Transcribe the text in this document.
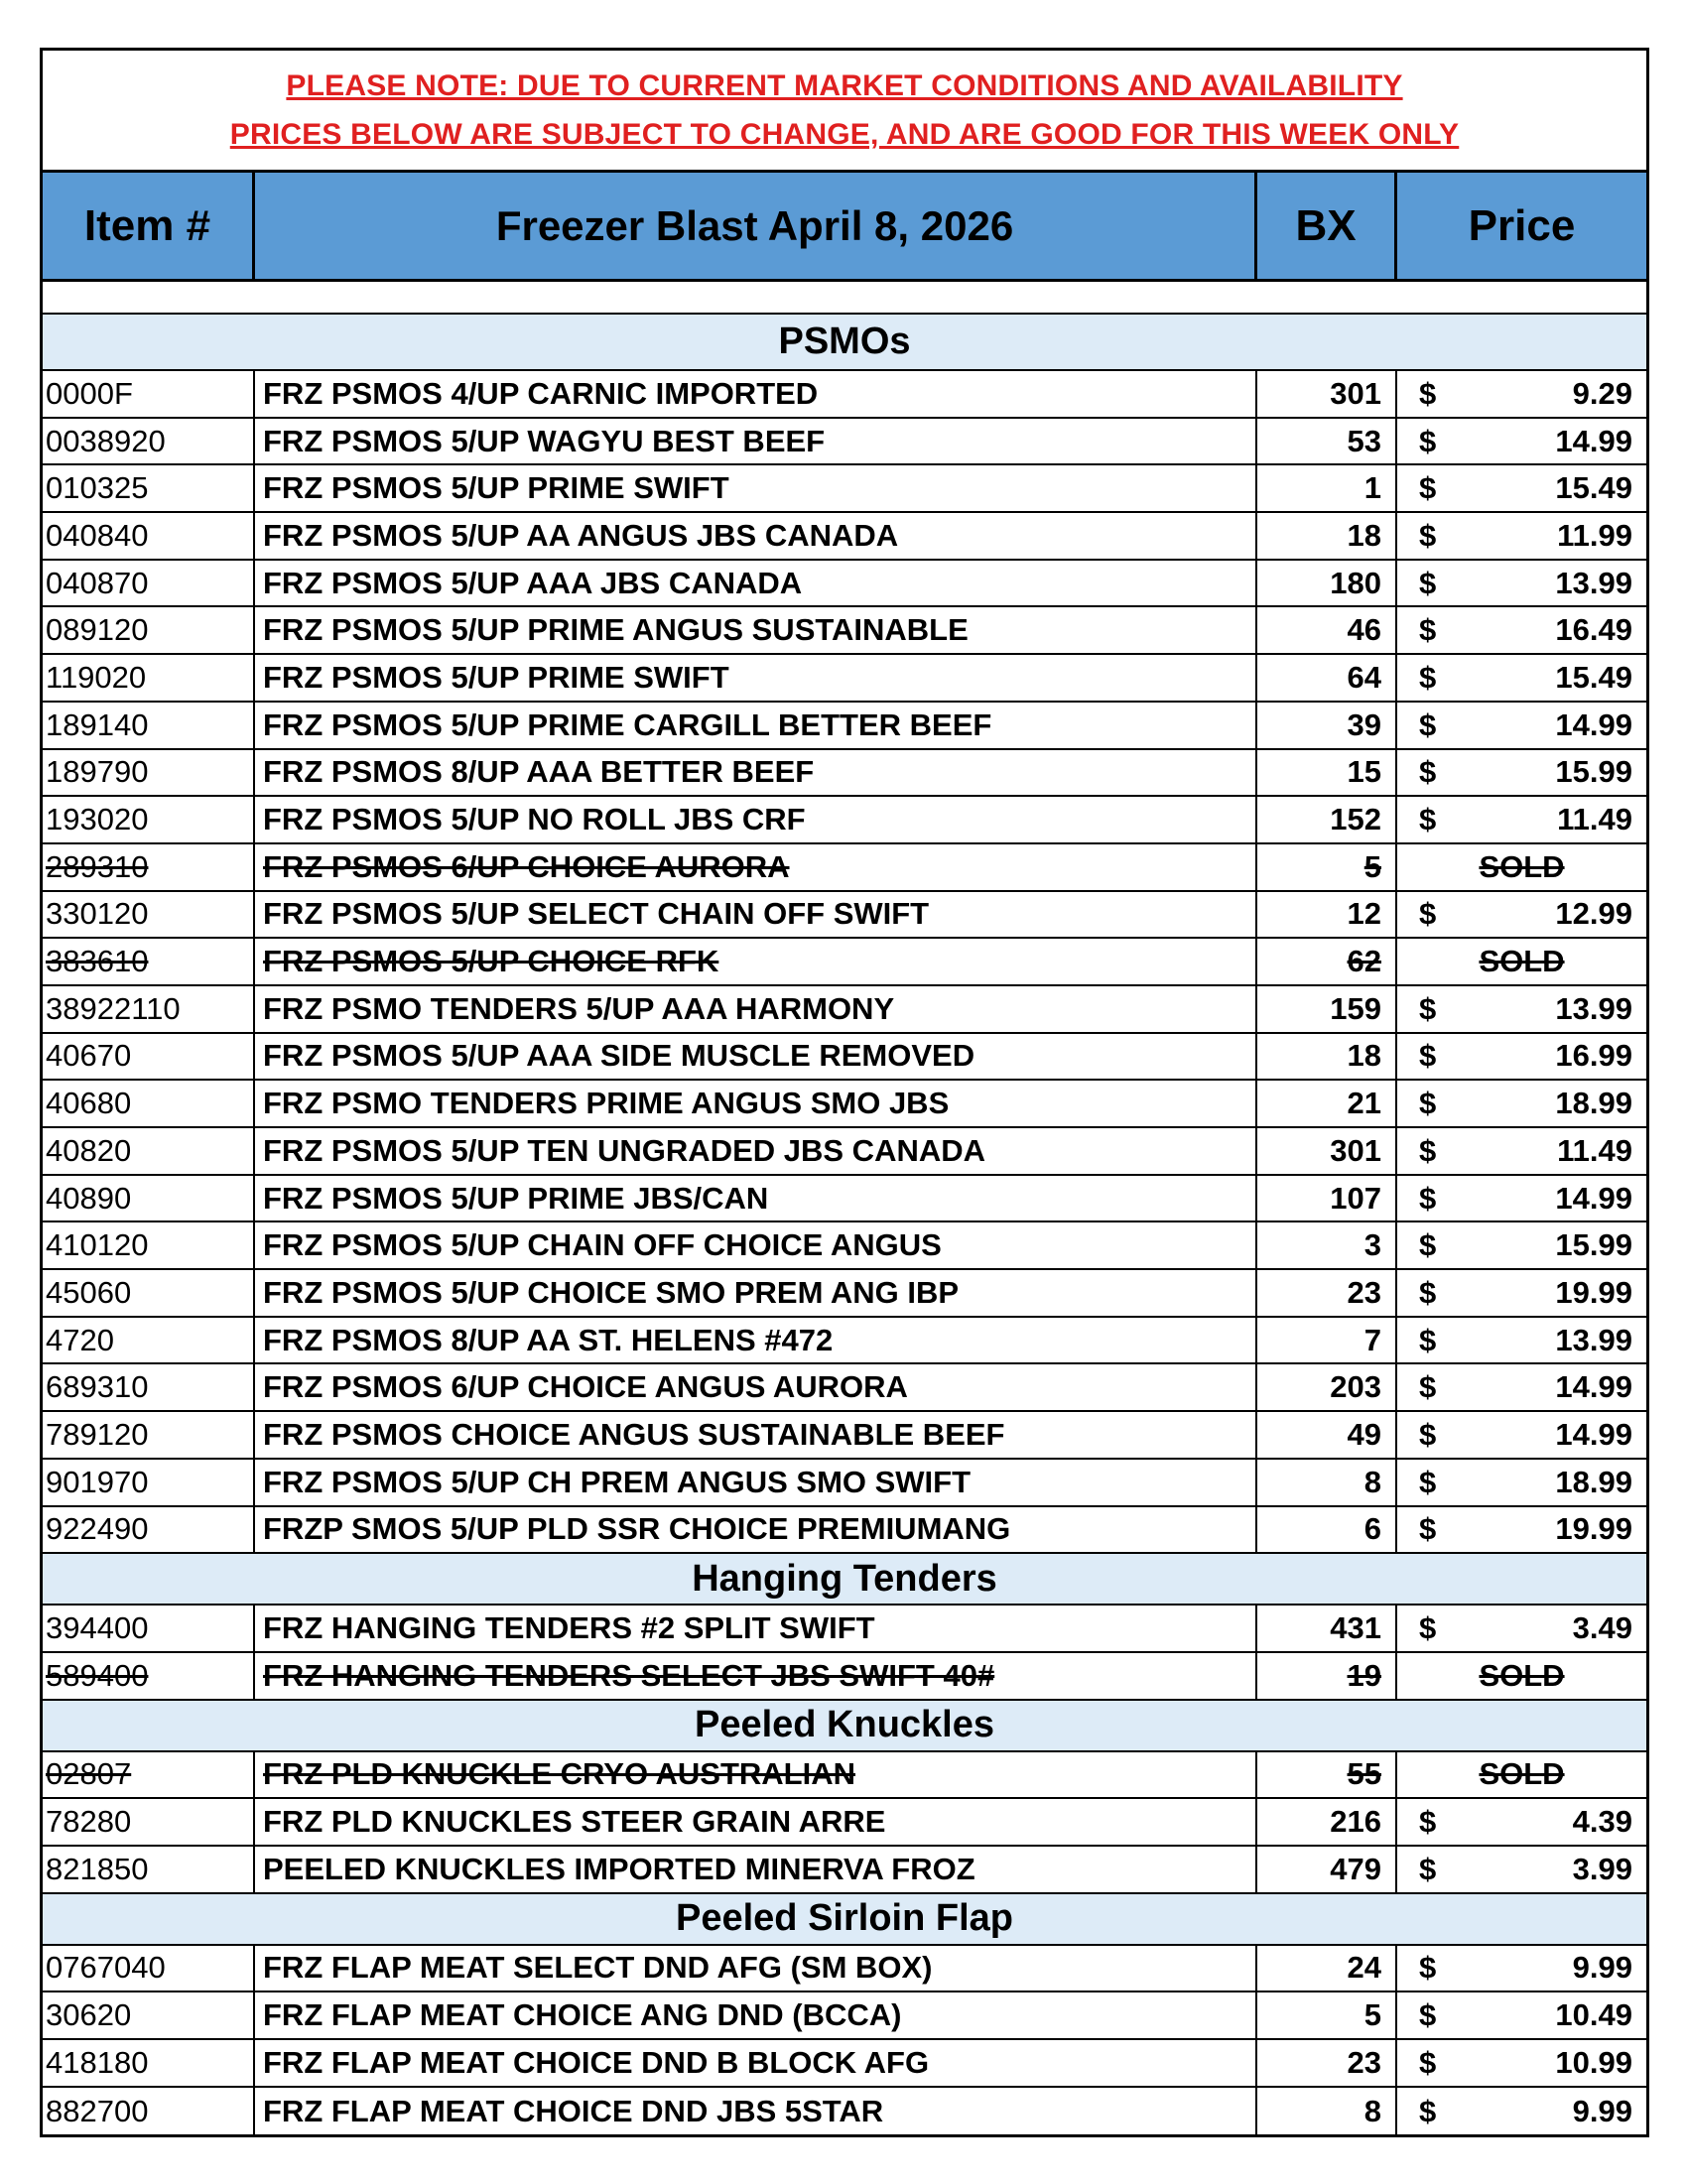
PLEASE NOTE: DUE TO CURRENT MARKET CONDITIONS AND AVAILABILITY
PRICES BELOW ARE SUBJECT TO CHANGE, AND ARE GOOD FOR THIS WEEK ONLY
Item #	Freezer Blast April 8, 2026	BX	Price
PSMOs
0000F	FRZ PSMOS 4/UP CARNIC IMPORTED	301 $	9.29
0038920	FRZ PSMOS 5/UP WAGYU BEST BEEF	53 $	14.99
010325	FRZ PSMOS 5/UP PRIME SWIFT	1 $	15.49
040840	FRZ PSMOS 5/UP AA ANGUS JBS CANADA	18 $	11.99
040870	FRZ PSMOS 5/UP AAA JBS CANADA	180 $	13.99
089120	FRZ PSMOS 5/UP PRIME ANGUS SUSTAINABLE	46 $	16.49
119020	FRZ PSMOS 5/UP PRIME SWIFT	64 $	15.49
189140	FRZ PSMOS 5/UP PRIME CARGILL BETTER BEEF	39 $	14.99
189790	FRZ PSMOS 8/UP AAA BETTER BEEF	15 $	15.99
193020	FRZ PSMOS 5/UP NO ROLL JBS CRF	152 $	11.49
289310	FRZ PSMOS 6/UP CHOICE AURORA	5	SOLD
330120	FRZ PSMOS 5/UP SELECT CHAIN OFF SWIFT	12 $	12.99
383610	FRZ PSMOS 5/UP CHOICE RFK	62	SOLD
38922110	FRZ PSMO TENDERS 5/UP AAA HARMONY	159 $	13.99
40670	FRZ PSMOS 5/UP AAA SIDE MUSCLE REMOVED	18 $	16.99
40680	FRZ PSMO TENDERS PRIME ANGUS SMO JBS	21 $	18.99
40820	FRZ PSMOS 5/UP TEN UNGRADED JBS CANADA	301 $	11.49
40890	FRZ PSMOS 5/UP PRIME JBS/CAN	107 $	14.99
410120	FRZ PSMOS 5/UP CHAIN OFF CHOICE ANGUS	3 $	15.99
45060	FRZ PSMOS 5/UP CHOICE SMO PREM ANG IBP	23 $	19.99
4720	FRZ PSMOS 8/UP AA ST. HELENS #472	7 $	13.99
689310	FRZ PSMOS 6/UP CHOICE ANGUS AURORA	203 $	14.99
789120	FRZ PSMOS CHOICE ANGUS SUSTAINABLE BEEF	49 $	14.99
901970	FRZ PSMOS 5/UP CH PREM ANGUS SMO SWIFT	8 $	18.99
922490	FRZP SMOS 5/UP PLD SSR CHOICE PREMIUMANG	6 $	19.99
Hanging Tenders
394400	FRZ HANGING TENDERS #2 SPLIT SWIFT	431 $	3.49
589400	FRZ HANGING TENDERS SELECT JBS SWIFT 40#	19	SOLD
Peeled Knuckles
02807	FRZ PLD KNUCKLE CRYO AUSTRALIAN	55	SOLD
78280	FRZ PLD KNUCKLES STEER GRAIN ARRE	216 $	4.39
821850	PEELED KNUCKLES IMPORTED MINERVA FROZ	479 $	3.99
Peeled Sirloin Flap
0767040	FRZ FLAP MEAT SELECT DND AFG (SM BOX)	24 $	9.99
30620	FRZ FLAP MEAT CHOICE ANG DND (BCCA)	5 $	10.49
418180	FRZ FLAP MEAT CHOICE DND B BLOCK AFG	23 $	10.99
882700	FRZ FLAP MEAT CHOICE DND JBS 5STAR	8 $	9.99
